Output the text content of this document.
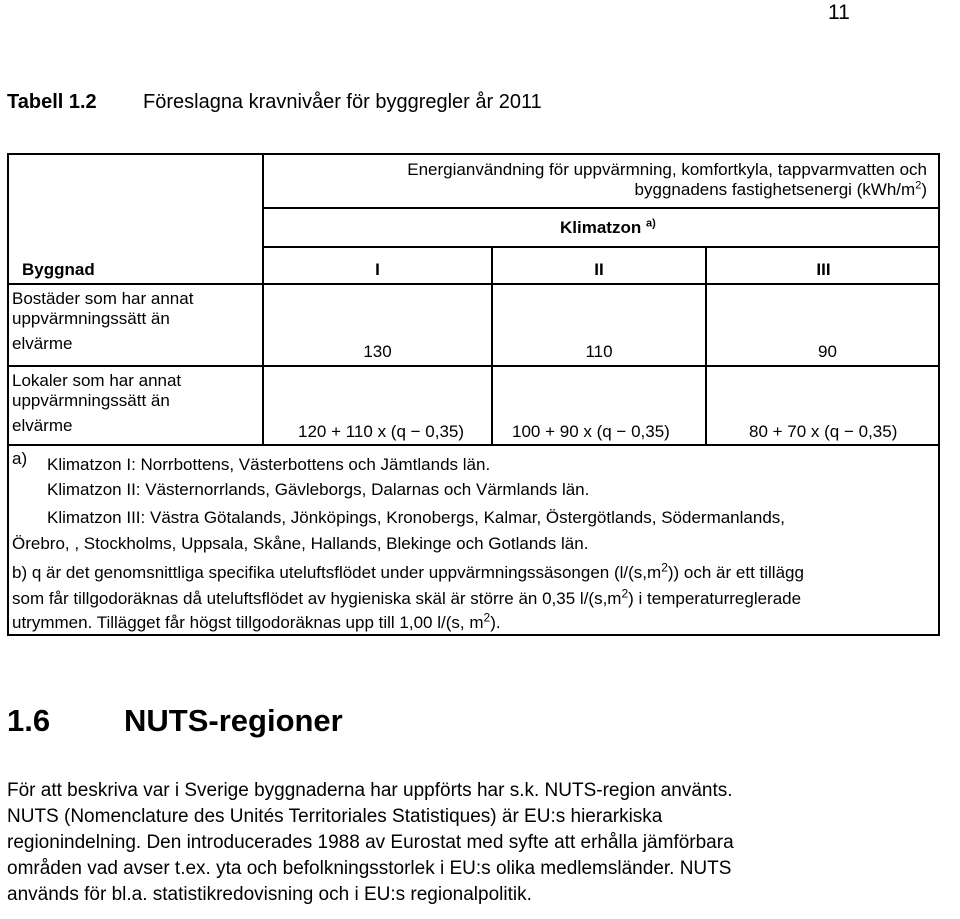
11
Tabell 1.2 Föreslagna kravnivåer för byggregler år 2011
Energianvändning för uppvärmning, komfortkyla, tappvarmvatten och
byggnadens fastighetsenergi $(kWh/m^2)$
Klimatzon $^{a)}$
Byggnad	I	II	III
Bostäder som har annat
uppvärmningssätt än
elvärme	130	110	90
Lokaler som har annat
uppvärmningssätt än
elvärme	120 + 110 x (q − 0,35)	100 + 90 x (q − 0,35)	80 + 70 x (q − 0,35)
a) Klimatzon I: Norrbottens, Västerbottens och Jämtlands län.
Klimatzon II: Västernorrlands, Gävleborgs, Dalarnas och Värmlands län.
Klimatzon III: Västra Götalands, Jönköpings, Kronobergs, Kalmar, Östergötlands, Södermanlands,
Örebro, , Stockholms, Uppsala, Skåne, Hallands, Blekinge och Gotlands län.
b) q är det genomsnittliga specifika uteluftsflödet under uppvärmningssäsongen $(l/(s,m^2))$ och är ett tillägg
som får tillgodoräknas då uteluftsflödet av hygieniska skäl är större än 0,35 $l/(s,m^2)$ i temperaturreglerade
utrymmen. Tillägget får högst tillgodoräknas upp till 1,00 l/(s, $m^2$).
1.6 NUTS-regioner
För att beskriva var i Sverige byggnaderna har uppförts har s.k. NUTS-region använts.
NUTS (Nomenclature des Unités Territoriales Statistiques) är EU:s hierarkiska
regionindelning. Den introducerades 1988 av Eurostat med syfte att erhålla jämförbara
områden vad avser t.ex. yta och befolkningsstorlek i EU:s olika medlemsländer. NUTS
används för bl.a. statistikredovisning och i EU:s regionalpolitik.
